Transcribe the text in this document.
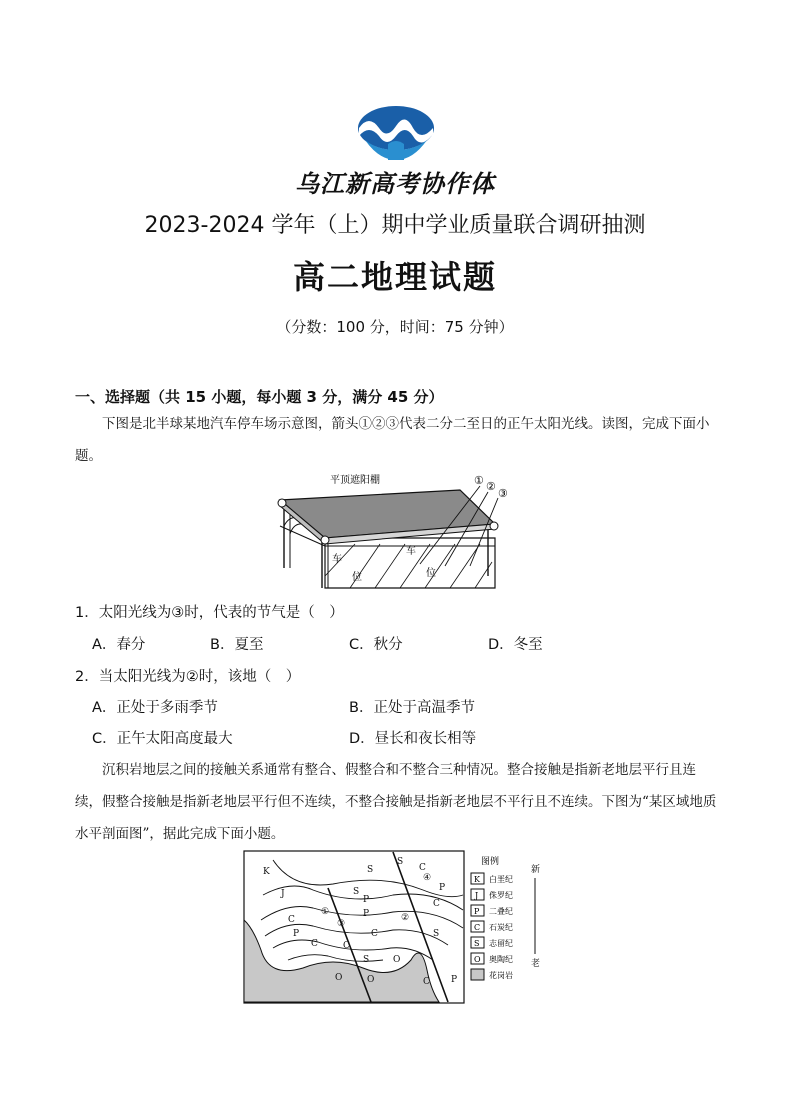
乌江新高考协作体
2023-2024 学年（上）期中学业质量联合调研抽测
高二地理试题
（分数：100 分，时间：75 分钟）
一、选择题（共 15 小题，每小题 3 分，满分 45 分）
下图是北半球某地汽车停车场示意图，箭头①②③代表二分二至日的正午太阳光线。读图，完成下面小题。
平顶遮阳棚	① ②
③
车
位
车
位
1．太阳光线为③时，代表的节气是（　）
A．春分	B．夏至	C．秋分	D．冬至
2．当太阳光线为②时，该地（　）
A．正处于多雨季节	B．正处于高温季节
C．正午太阳高度最大	D．昼长和夜长相等
沉积岩地层之间的接触关系通常有整合、假整合和不整合三种情况。整合接触是指新老地层平行且连续，假整合接触是指新老地层平行但不连续，不整合接触是指新老地层不平行且不连续。下图为“某区域地质水平剖面图”，据此完成下面小题。
K
J
C
P
C
S
S
C
④
P
①	P	②
C
C
C
S
O
S	O
O	C P
S
P
③
图例
K 白垩纪
J 侏罗纪
P 二叠纪
C 石炭纪
S 志留纪
O 奥陶纪
花岗岩
新
老
